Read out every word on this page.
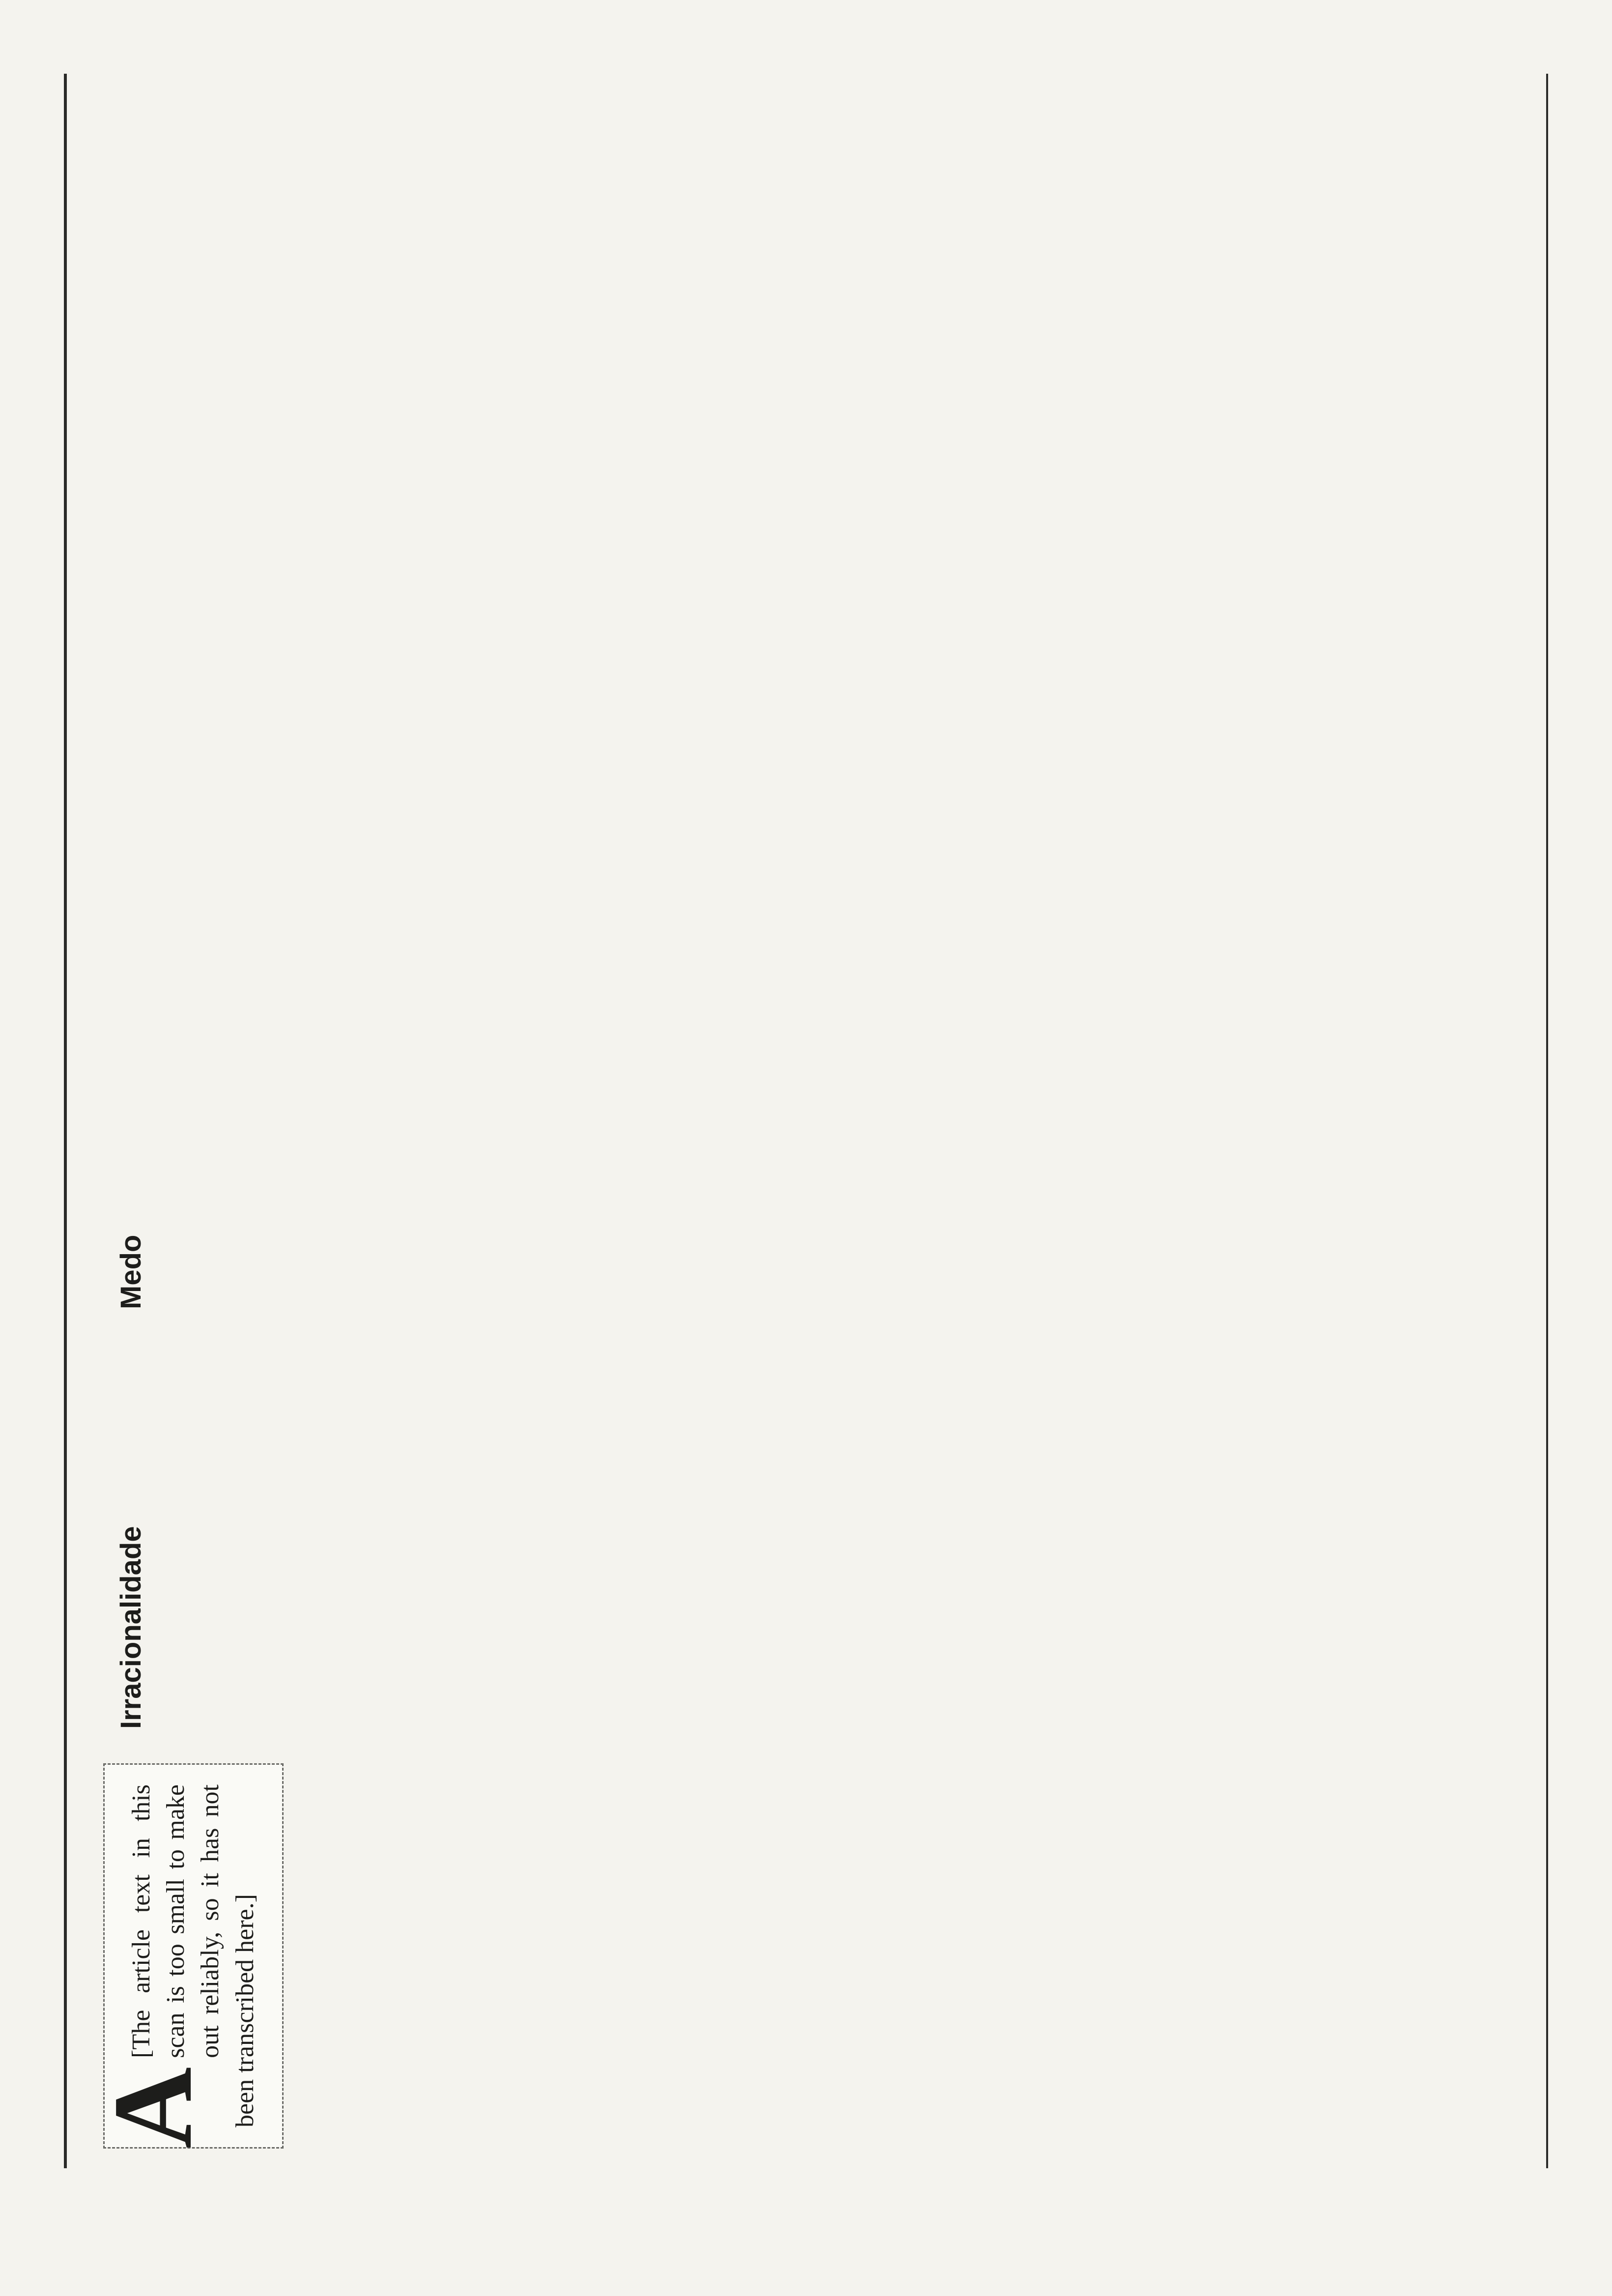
A

[The article text in this scan is too small to make out reliably, so it has not been transcribed here.]

Irracionalidade
Medo
